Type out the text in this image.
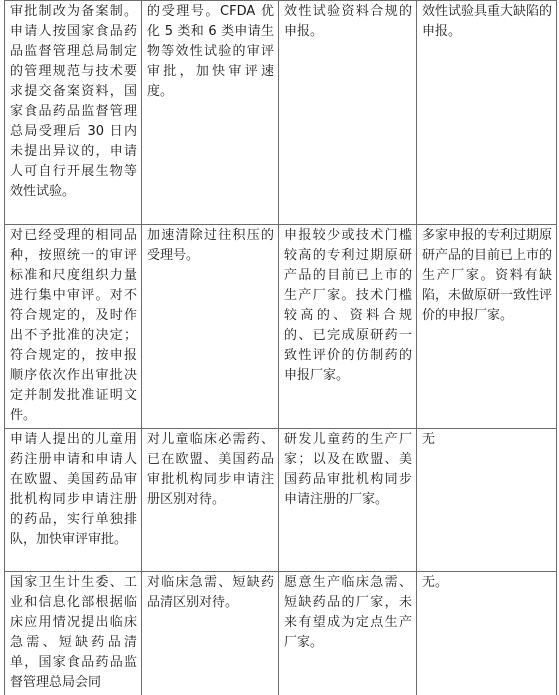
审批制改为备案制。申请人按国家食品药品监督管理总局制定的管理规范与技术要求提交备案资料，国家食品药品监督管理总局受理后 30 日内未提出异议的，申请人可自行开展生物等效性试验。	的受理号。CFDA 优化 5 类和 6 类申请生物等效性试验的审评审批，加快审评速度。	效性试验资料合规的申报。	效性试验具重大缺陷的申报。
对已经受理的相同品种，按照统一的审评标准和尺度组织力量进行集中审评。对不符合规定的，及时作出不予批准的决定；符合规定的，按申报顺序依次作出审批决定并制发批准证明文件。	加速清除过往积压的受理号。	申报较少或技术门槛较高的专利过期原研产品的目前已上市的生产厂家。技术门槛较高的、资料合规的、已完成原研药一致性评价的仿制药的申报厂家。	多家申报的专利过期原研产品的目前已上市的生产厂家。资料有缺陷，未做原研一致性评价的申报厂家。
申请人提出的儿童用药注册申请和申请人在欧盟、美国药品审批机构同步申请注册的药品，实行单独排队，加快审评审批。	对儿童临床必需药、已在欧盟、美国药品审批机构同步申请注册区别对待。	研发儿童药的生产厂家；以及在欧盟、美国药品审批机构同步申请注册的厂家。	无
国家卫生计生委、工业和信息化部根据临床应用情况提出临床急需、短缺药品清单，国家食品药品监督管理总局会同	对临床急需、短缺药品清区别对待。	愿意生产临床急需、短缺药品的厂家，未来有望成为定点生产厂家。	无。
